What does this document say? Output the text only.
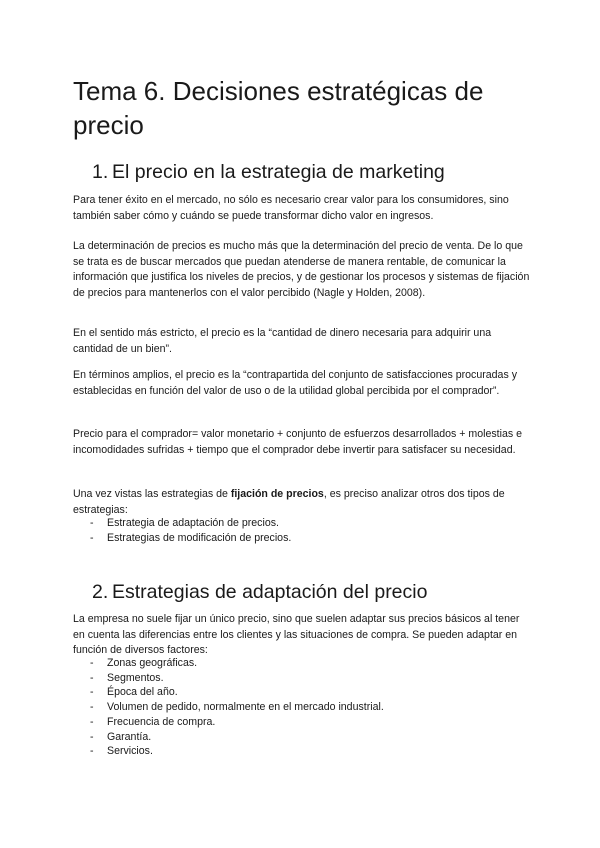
Tema 6. Decisiones estratégicas de precio
1. El precio en la estrategia de marketing

Para tener éxito en el mercado, no sólo es necesario crear valor para los consumidores, sino también saber cómo y cuándo se puede transformar dicho valor en ingresos.

La determinación de precios es mucho más que la determinación del precio de venta. De lo que se trata es de buscar mercados que puedan atenderse de manera rentable, de comunicar la información que justifica los niveles de precios, y de gestionar los procesos y sistemas de fijación de precios para mantenerlos con el valor percibido (Nagle y Holden, 2008).

En el sentido más estricto, el precio es la “cantidad de dinero necesaria para adquirir una cantidad de un bien”.

En términos amplios, el precio es la “contrapartida del conjunto de satisfacciones procuradas y establecidas en función del valor de uso o de la utilidad global percibida por el comprador”.

Precio para el comprador= valor monetario + conjunto de esfuerzos desarrollados + molestias e incomodidades sufridas + tiempo que el comprador debe invertir para satisfacer su necesidad.

Una vez vistas las estrategias de fijación de precios, es preciso analizar otros dos tipos de estrategias:

- Estrategia de adaptación de precios.
- Estrategias de modificación de precios.
2. Estrategias de adaptación del precio

La empresa no suele fijar un único precio, sino que suelen adaptar sus precios básicos al tener en cuenta las diferencias entre los clientes y las situaciones de compra. Se pueden adaptar en función de diversos factores:

- Zonas geográficas.
- Segmentos.
- Época del año.
- Volumen de pedido, normalmente en el mercado industrial.
- Frecuencia de compra.
- Garantía.
- Servicios.
